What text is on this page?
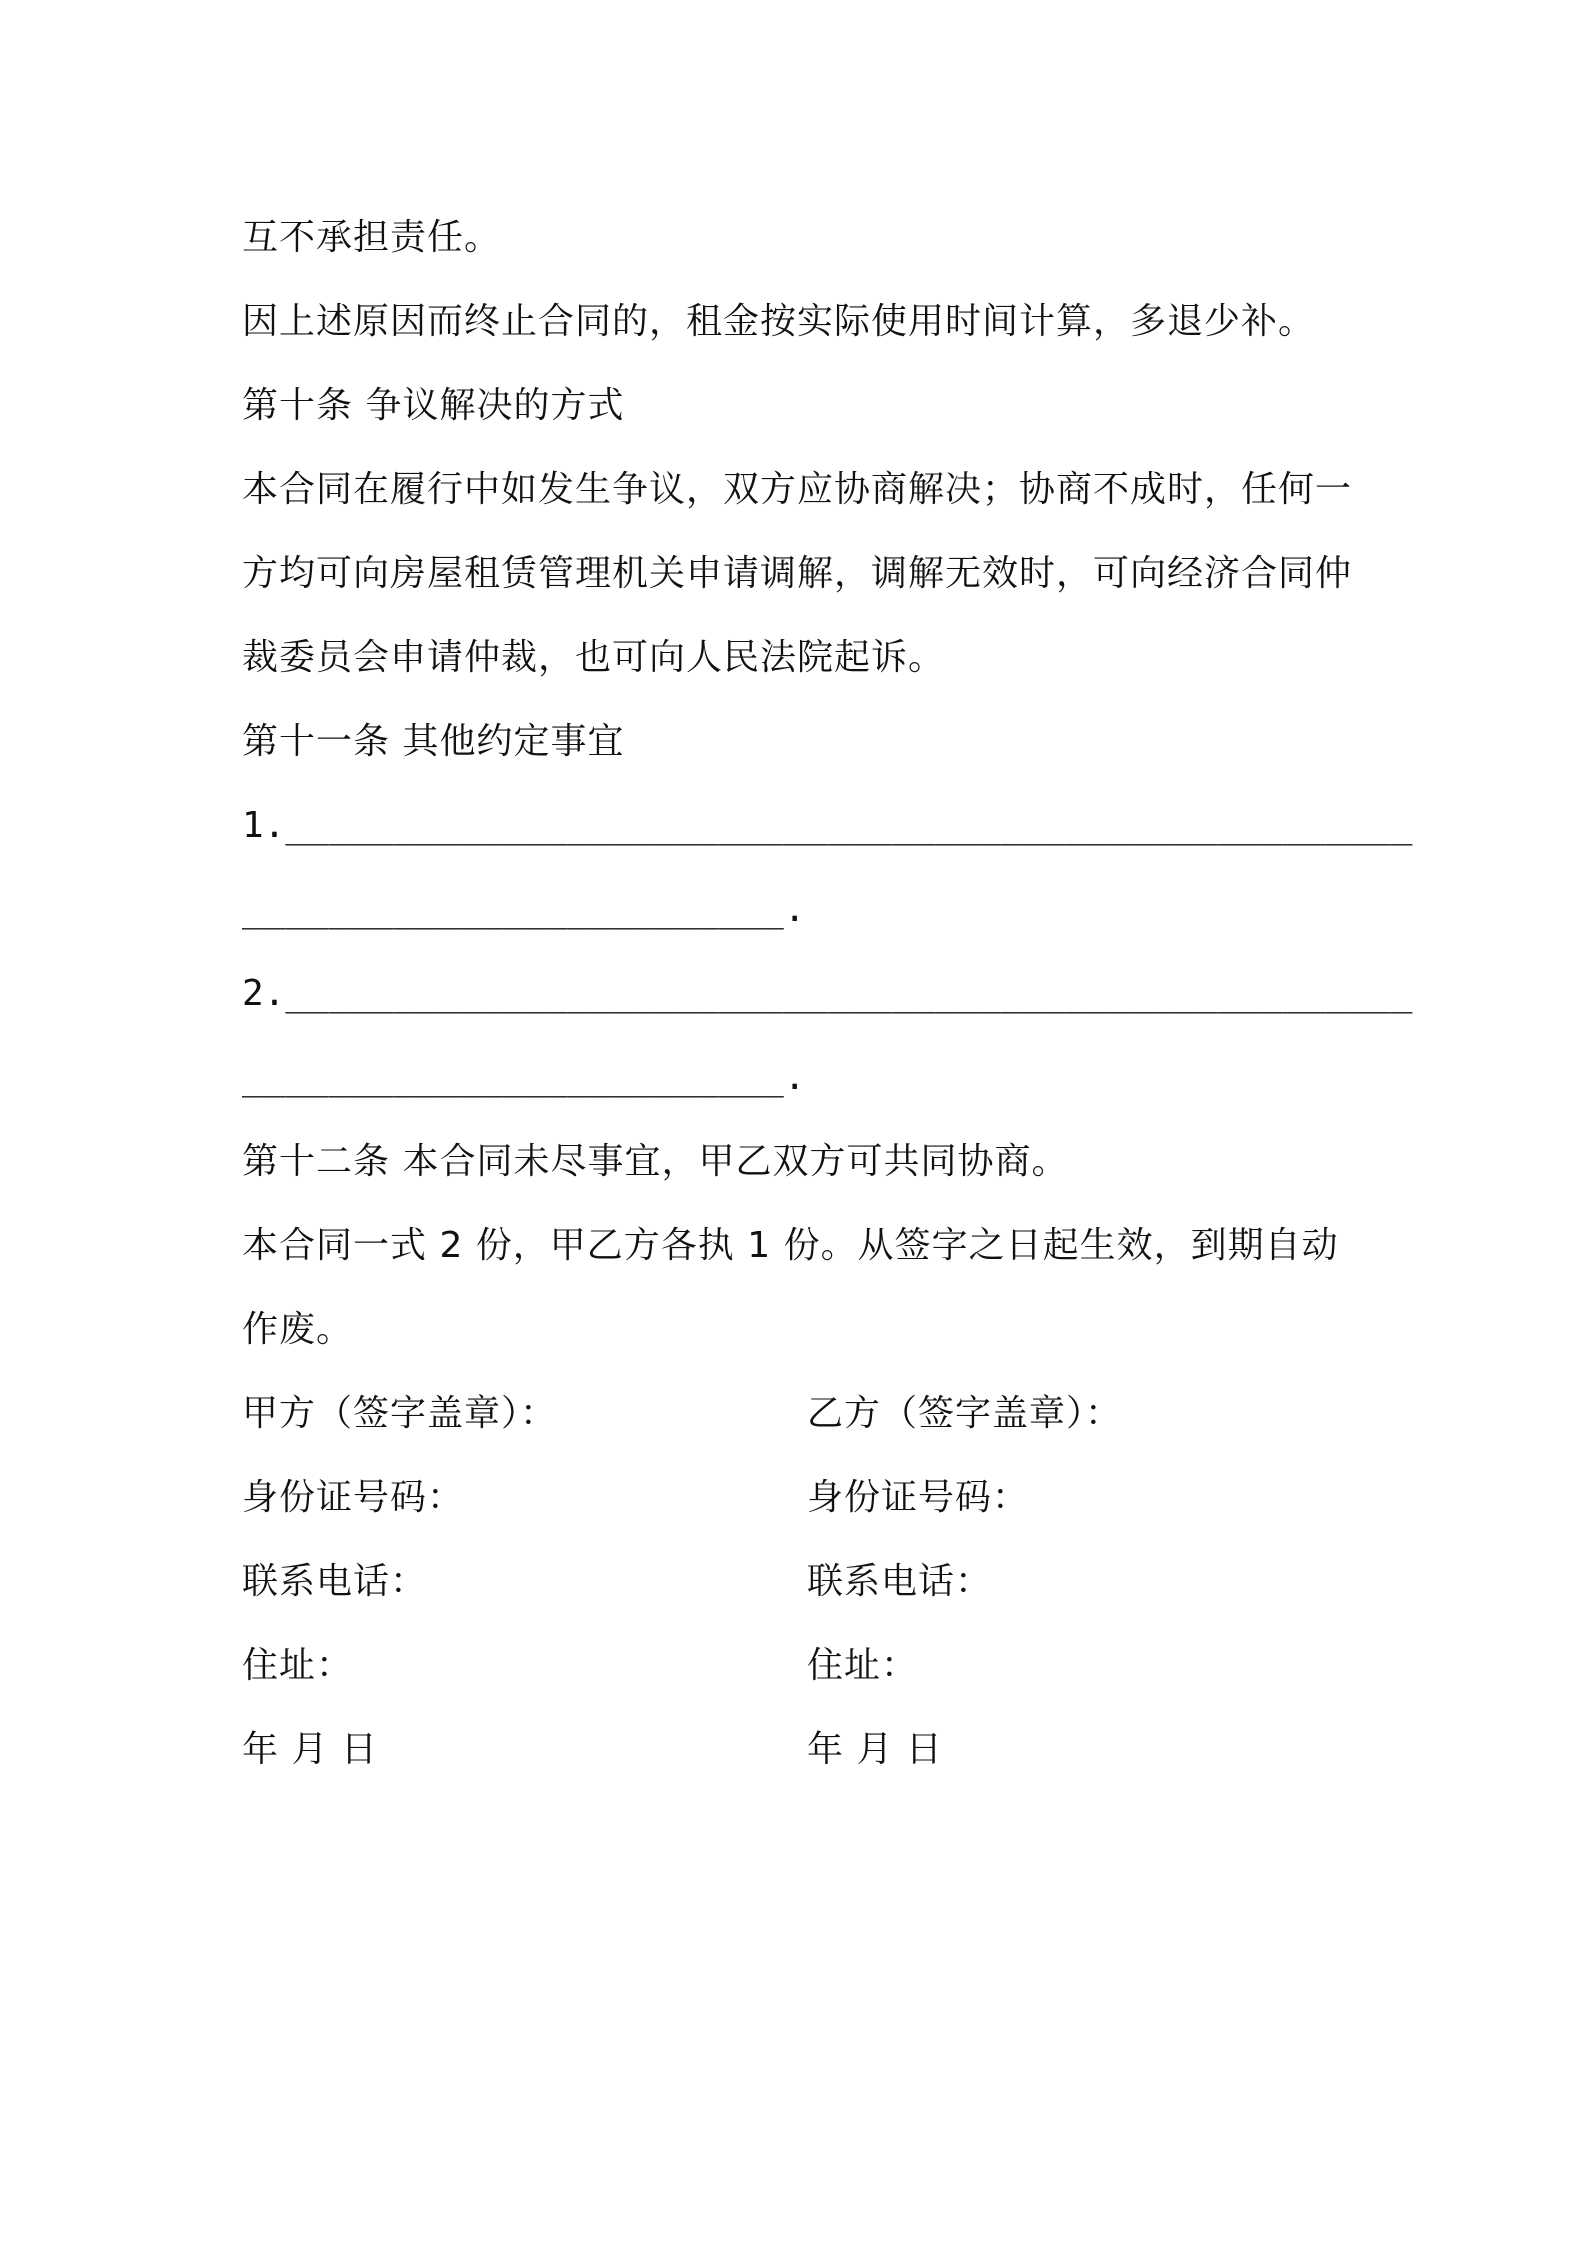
互不承担责任。
因上述原因而终止合同的，租金按实际使用时间计算，多退少补。
第十条 争议解决的方式
本合同在履行中如发生争议，双方应协商解决；协商不成时，任何一
方均可向房屋租赁管理机关申请调解，调解无效时，可向经济合同仲
裁委员会申请仲裁，也可向人民法院起诉。
第十一条 其他约定事宜
1.____________________________________________________
_________________________.
2.____________________________________________________
_________________________.
第十二条 本合同未尽事宜，甲乙双方可共同协商。
本合同一式 2 份，甲乙方各执 1 份。从签字之日起生效，到期自动
作废。
甲方（签字盖章）：	乙方（签字盖章）：
身份证号码：	身份证号码：
联系电话：	联系电话：
住址：	住址：
年 月 日	年 月 日
